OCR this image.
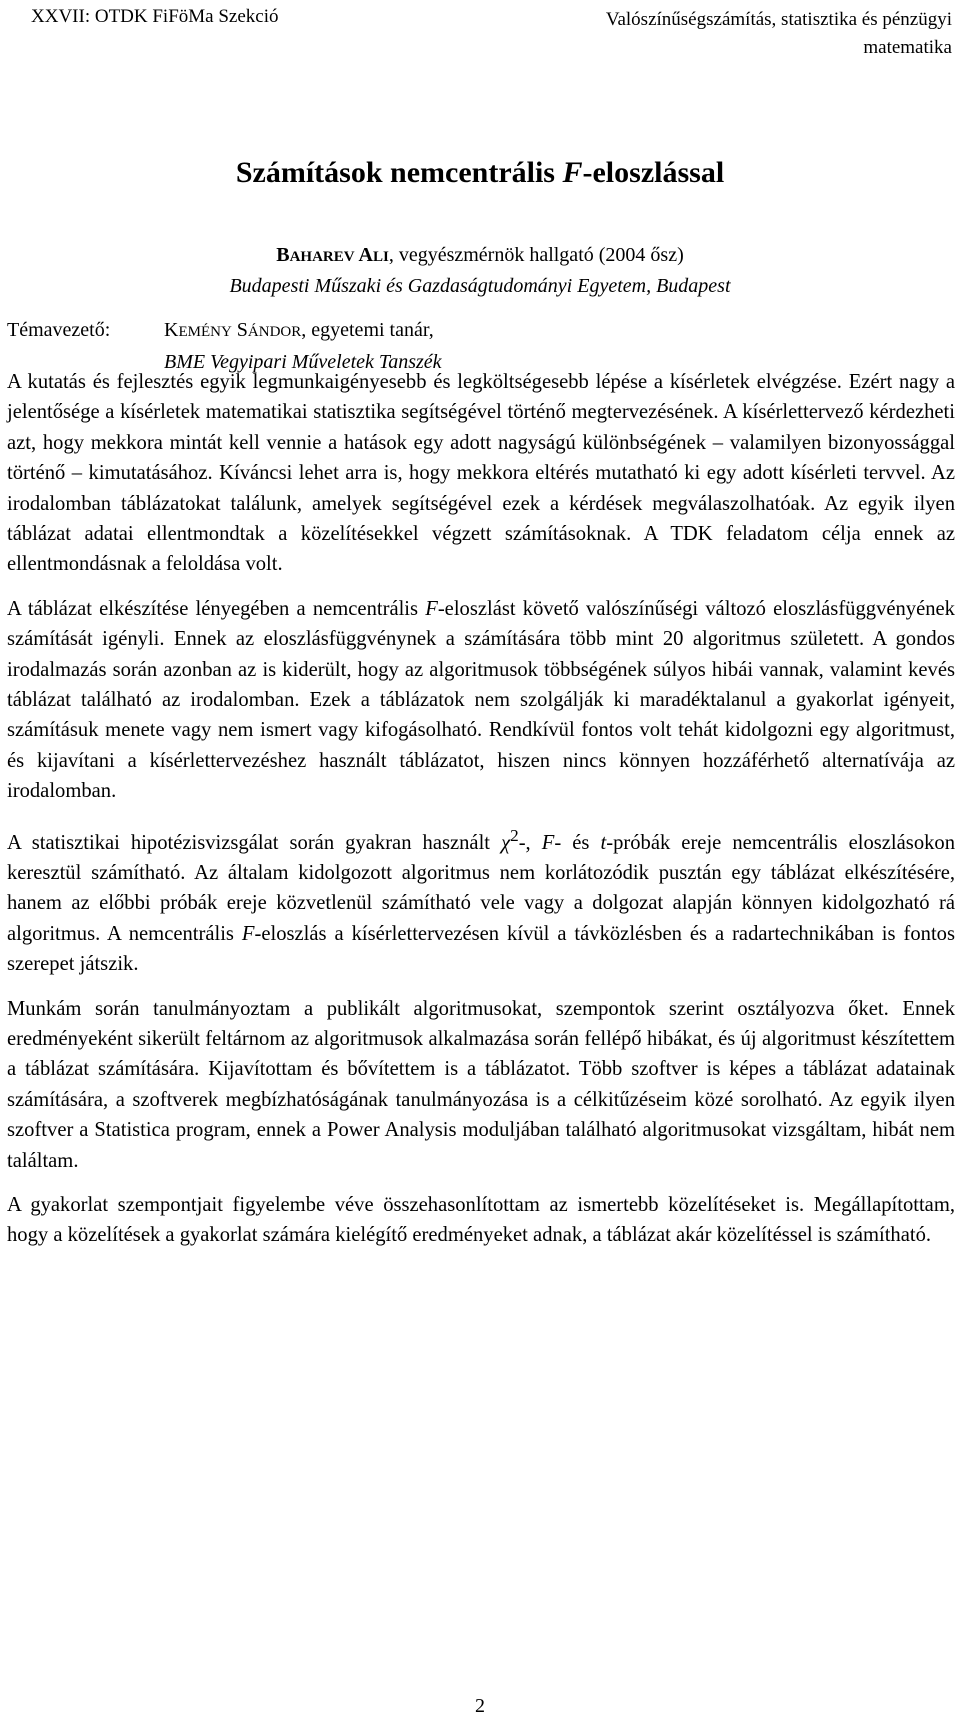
XXVII: OTDK FiFöMa Szekció	Valószínűségszámítás, statisztika és pénzügyi matematika
Számítások nemcentrális F-eloszlással
BAHAREV ALI, vegyészmérnök hallgató (2004 ősz)
Budapesti Műszaki és Gazdaságtudományi Egyetem, Budapest
Témavezető:	KEMÉNY SÁNDOR, egyetemi tanár,
BME Vegyipari Műveletek Tanszék

A kutatás és fejlesztés egyik legmunkaigényesebb és legköltségesebb lépése a kísérletek elvégzése. Ezért nagy a jelentősége a kísérletek matematikai statisztika segítségével történő megtervezésének. A kísérlettervező kérdezheti azt, hogy mekkora mintát kell vennie a hatások egy adott nagyságú különbségének – valamilyen bizonyossággal történő – kimutatásához. Kíváncsi lehet arra is, hogy mekkora eltérés mutatható ki egy adott kísérleti tervvel. Az irodalomban táblázatokat találunk, amelyek segítségével ezek a kérdések megválaszolhatóak. Az egyik ilyen táblázat adatai ellentmondtak a közelítésekkel végzett számításoknak. A TDK feladatom célja ennek az ellentmondásnak a feloldása volt.

A táblázat elkészítése lényegében a nemcentrális F-eloszlást követő valószínűségi változó eloszlásfüggvényének számítását igényli. Ennek az eloszlásfüggvénynek a számítására több mint 20 algoritmus született. A gondos irodalmazás során azonban az is kiderült, hogy az algoritmusok többségének súlyos hibái vannak, valamint kevés táblázat található az irodalomban. Ezek a táblázatok nem szolgálják ki maradéktalanul a gyakorlat igényeit, számításuk menete vagy nem ismert vagy kifogásolható. Rendkívül fontos volt tehát kidolgozni egy algoritmust, és kijavítani a kísérlettervezéshez használt táblázatot, hiszen nincs könnyen hozzáférhető alternatívája az irodalomban.

A statisztikai hipotézisvizsgálat során gyakran használt $\chi^2-$, F- és t-próbák ereje nemcentrális eloszlásokon keresztül számítható. Az általam kidolgozott algoritmus nem korlátozódik pusztán egy táblázat elkészítésére, hanem az előbbi próbák ereje közvetlenül számítható vele vagy a dolgozat alapján könnyen kidolgozható rá algoritmus. A nemcentrális F-eloszlás a kísérlettervezésen kívül a távközlésben és a radartechnikában is fontos szerepet játszik.

Munkám során tanulmányoztam a publikált algoritmusokat, szempontok szerint osztályozva őket. Ennek eredményeként sikerült feltárnom az algoritmusok alkalmazása során fellépő hibákat, és új algoritmust készítettem a táblázat számítására. Kijavítottam és bővítettem is a táblázatot. Több szoftver is képes a táblázat adatainak számítására, a szoftverek megbízhatóságának tanulmányozása is a célkitűzéseim közé sorolható. Az egyik ilyen szoftver a Statistica program, ennek a Power Analysis moduljában található algoritmusokat vizsgáltam, hibát nem találtam.

A gyakorlat szempontjait figyelembe véve összehasonlítottam az ismertebb közelítéseket is. Megállapítottam, hogy a közelítések a gyakorlat számára kielégítő eredményeket adnak, a táblázat akár közelítéssel is számítható.

2
